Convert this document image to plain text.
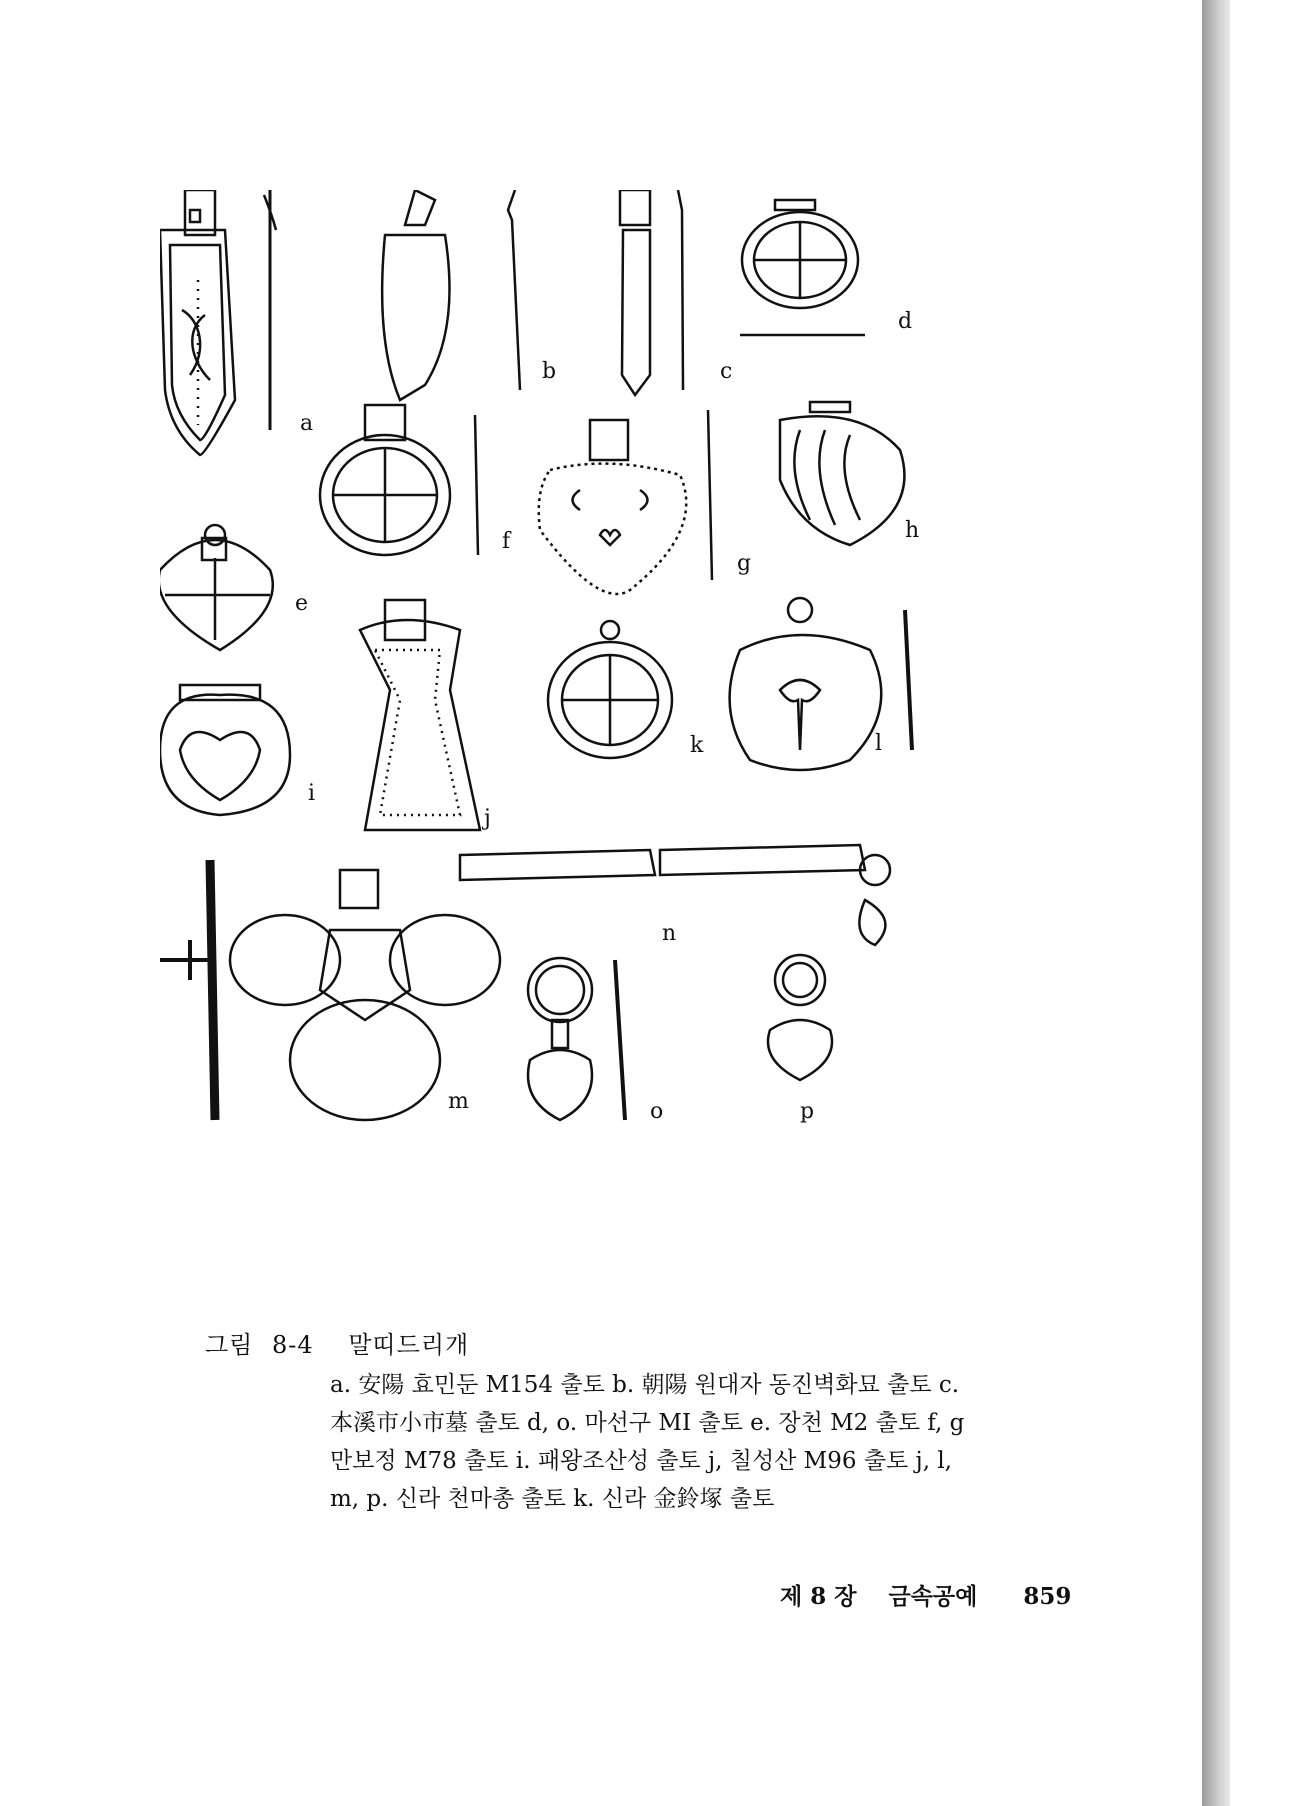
a
b	c
d
e
f
g
h
i
j
k	l
n
m	o	p
그림 8-4 말띠드리개

a. 安陽 효민둔 M154 출토 b. 朝陽 원대자 동진벽화묘 출토 c.

本溪市小市墓 출토 d, o. 마선구 MI 출토 e. 장천 M2 출토 f, g

만보정 M78 출토 i. 패왕조산성 출토 j, 칠성산 M96 출토 j, l,

m, p. 신라 천마총 출토 k. 신라 金鈴塚 출토

제 8 장 금속공예 859
